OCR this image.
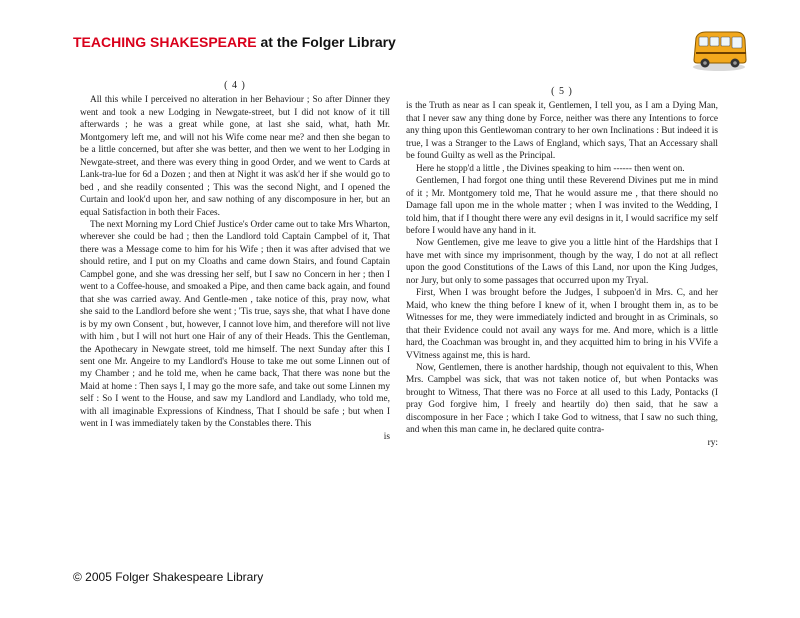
TEACHING SHAKESPEARE at the Folger Library
( 4 )

All this while I perceived no alteration in her Behaviour ; So after Dinner they went and took a new Lodging in Newgate-street, but I did not know of it till afterwards ; he was a great while gone, at last she said, what, hath Mr. Montgomery left me, and will not his Wife come near me? and then she began to be a little concerned, but after she was better, and then we went to her Lodging in Newgate-street, and there was every thing in good Order, and we went to Cards at Lank-tra-lue for 6d a Dozen ; and then at Night it was ask'd her if she would go to bed , and she readily consented ; This was the second Night, and I opened the Curtain and look'd upon her, and saw nothing of any discomposure in her, but an equal Satisfaction in both their Faces.

The next Morning my Lord Chief Justice's Order came out to take Mrs Wharton, wherever she could be had ; then the Landlord told Captain Campbel of it, That there was a Message come to him for his Wife ; then it was after advised that we should retire, and I put on my Cloaths and came down Stairs, and found Captain Campbel gone, and she was dressing her self, but I saw no Concern in her ; then I went to a Coffee-house, and smoaked a Pipe, and then came back again, and found that she was carried away. And Gentle-men , take notice of this, pray now, what she said to the Landlord before she went ; 'Tis true, says she, that what I have done is by my own Consent , but, however, I cannot love him, and therefore will not live with him , but I will not hurt one Hair of any of their Heads. This the Gentleman, the Apothecary in Newgate street, told me himself. The next Sunday after this I sent one Mr. Angeire to my Landlord's House to take me out some Linnen out of my Chamber ; and he told me, when he came back, That there was none but the Maid at home : Then says I, I may go the more safe, and take out some Linnen my self : So I went to the House, and saw my Landlord and Landlady, who told me, with all imaginable Expressions of Kindness, That I should be safe ; but when I went in I was immediately taken by the Constables there. This

is
( 5 )

is the Truth as near as I can speak it, Gentlemen, I tell you, as I am a Dying Man, that I never saw any thing done by Force, neither was there any Intentions to force any thing upon this Gentlewoman contrary to her own Inclinations : But indeed it is true, I was a Stranger to the Laws of England, which says, That an Accessary shall be found Guilty as well as the Principal.

Here he stopp'd a little , the Divines speaking to him ------ then went on.

Gentlemen, I had forgot one thing until these Reverend Divines put me in mind of it ; Mr. Montgomery told me, That he would assure me , that there should no Damage fall upon me in the whole matter ; when I was invited to the Wedding, I told him, that if I thought there were any evil designs in it, I would sacrifice my self before I would have any hand in it.

Now Gentlemen, give me leave to give you a little hint of the Hardships that I have met with since my imprisonment, though by the way, I do not at all reflect upon the good Constitutions of the Laws of this Land, nor upon the King Judges, nor Jury, but only to some passages that occurred upon my Tryal.

First, When I was brought before the Judges, I subpoen'd in Mrs. C, and her Maid, who knew the thing before I knew of it, when I brought them in, as to be Witnesses for me, they were immediately indicted and brought in as Criminals, so that their Evidence could not avail any ways for me. And more, which is a little hard, the Coachman was brought in, and they acquitted him to bring in his VVife a VVitness against me, this is hard.

Now, Gentlemen, there is another hardship, though not equivalent to this, When Mrs. Campbel was sick, that was not taken notice of, but when Pontacks was brought to Witness, That there was no Force at all used to this Lady, Pontacks (I pray God forgive him, I freely and heartily do) then said, that he saw a discomposure in her Face ; which I take God to witness, that I saw no such thing, and when this man came in, he declared quite contra-

ry:
© 2005 Folger Shakespeare Library
